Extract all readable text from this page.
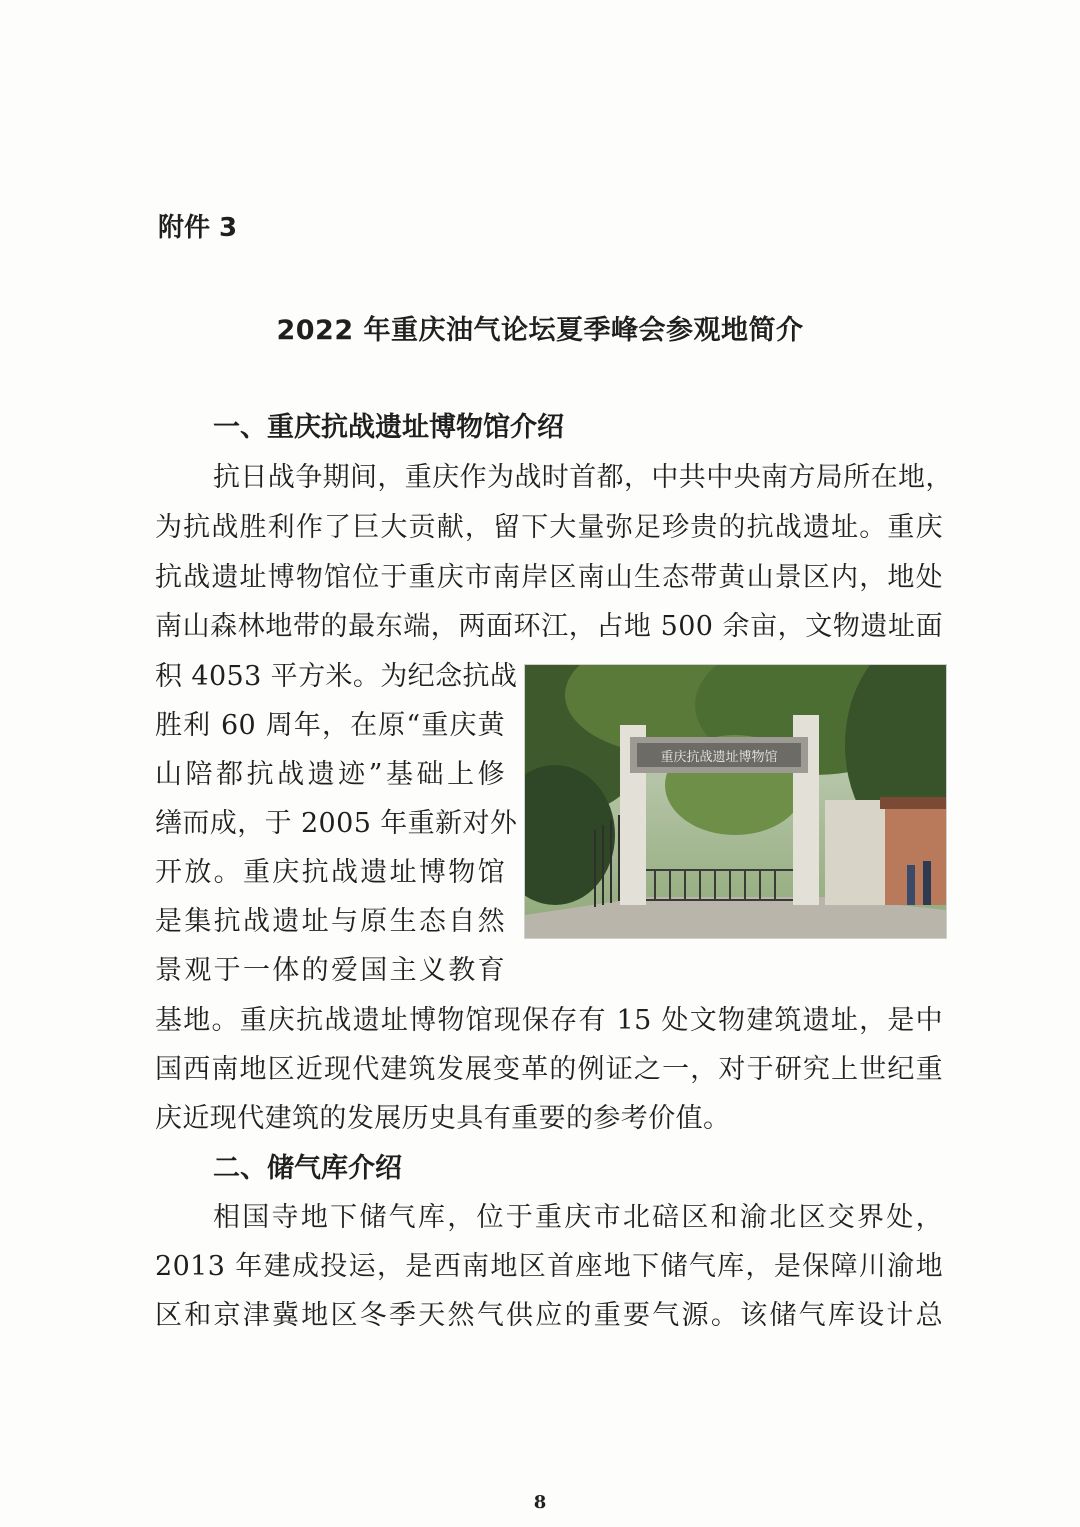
附件 3
2022 年重庆油气论坛夏季峰会参观地简介
一、重庆抗战遗址博物馆介绍
抗日战争期间，重庆作为战时首都，中共中央南方局所在地，
为抗战胜利作了巨大贡献，留下大量弥足珍贵的抗战遗址。重庆
抗战遗址博物馆位于重庆市南岸区南山生态带黄山景区内，地处
南山森林地带的最东端，两面环江，占地 500 余亩，文物遗址面
积 4053 平方米。为纪念抗战
胜利 60 周年，在原“重庆黄
山陪都抗战遗迹”基础上修
缮而成，于 2005 年重新对外
开放。重庆抗战遗址博物馆
是集抗战遗址与原生态自然
景观于一体的爱国主义教育
重庆抗战遗址博物馆
基地。重庆抗战遗址博物馆现保存有 15 处文物建筑遗址，是中
国西南地区近现代建筑发展变革的例证之一，对于研究上世纪重
庆近现代建筑的发展历史具有重要的参考价值。
二、储气库介绍
相国寺地下储气库，位于重庆市北碚区和渝北区交界处，
2013 年建成投运，是西南地区首座地下储气库，是保障川渝地
区和京津冀地区冬季天然气供应的重要气源。该储气库设计总
8
